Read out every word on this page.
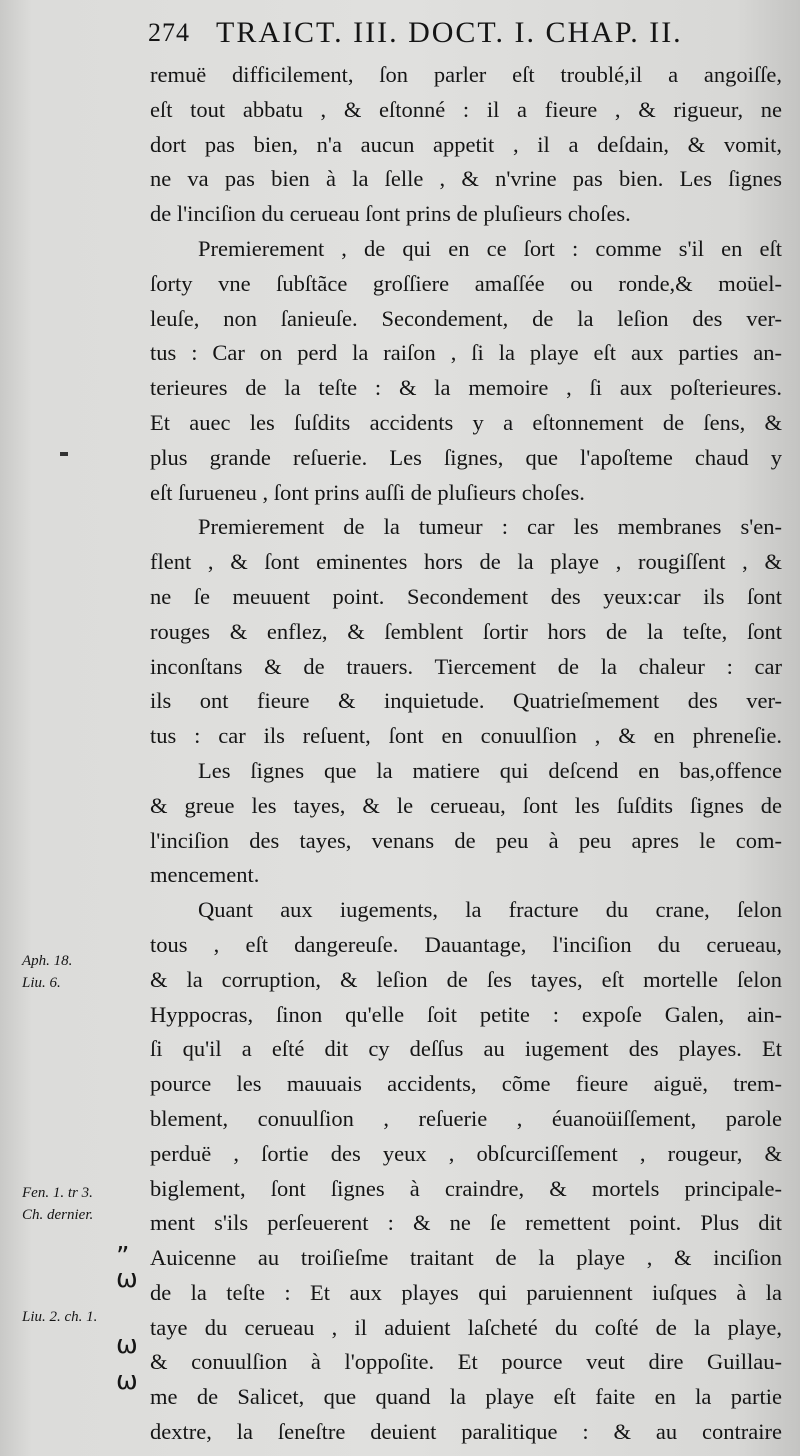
274 TRAICT. III. DOCT. I. CHAP. II.
remuë difficilement, ſon parler eſt troublé,il a angoiſſe,
eſt tout abbatu , & eſtonné : il a fieure , & rigueur, ne
dort pas bien, n'a aucun appetit , il a deſdain, & vomit,
ne va pas bien à la ſelle , & n'vrine pas bien. Les ſignes
de l'inciſion du cerueau ſont prins de pluſieurs choſes.
Premierement , de qui en ce ſort : comme s'il en eſt
ſorty vne ſubſtãce groſſiere amaſſée ou ronde,& moüel-
leuſe, non ſanieuſe. Secondement, de la leſion des ver-
tus : Car on perd la raiſon , ſi la playe eſt aux parties an-
terieures de la teſte : & la memoire , ſi aux poſterieures.
Et auec les ſuſdits accidents y a eſtonnement de ſens, &
plus grande reſuerie. Les ſignes, que l'apoſteme chaud y
eſt ſurueneu , ſont prins auſſi de pluſieurs choſes.
Premierement de la tumeur : car les membranes s'en-
flent , & ſont eminentes hors de la playe , rougiſſent , &
ne ſe meuuent point. Secondement des yeux:car ils ſont
rouges & enflez, & ſemblent ſortir hors de la teſte, ſont
inconſtans & de trauers. Tiercement de la chaleur : car
ils ont fieure & inquietude. Quatrieſmement des ver-
tus : car ils reſuent, ſont en conuulſion , & en phreneſie.
Les ſignes que la matiere qui deſcend en bas,offence
& greue les tayes, & le cerueau, ſont les ſuſdits ſignes de
l'inciſion des tayes, venans de peu à peu apres le com-
mencement.
Quant aux iugements, la fracture du crane, ſelon
tous , eſt dangereuſe. Dauantage, l'inciſion du cerueau,
& la corruption, & leſion de ſes tayes, eſt mortelle ſelon
Hyppocras, ſinon qu'elle ſoit petite : expoſe Galen, ain-
ſi qu'il a eſté dit cy deſſus au iugement des playes. Et
pource les mauuais accidents, cõme fieure aiguë, trem-
blement, conuulſion , reſuerie , éuanoüiſſement, parole
perduë , ſortie des yeux , obſcurciſſement , rougeur, &
biglement, ſont ſignes à craindre, & mortels principale-
ment s'ils perſeuerent : & ne ſe remettent point. Plus dit
Auicenne au troiſieſme traitant de la playe , & inciſion
de la teſte : Et aux playes qui paruiennent iuſques à la
taye du cerueau , il aduient laſcheté du coſté de la playe,
& conuulſion à l'oppoſite. Et pource veut dire Guillau-
me de Salicet, que quand la playe eſt faite en la partie
dextre, la ſeneſtre deuient paralitique : & au contraire
Aph. 18.
Liu. 6.
Fen. 1. tr 3.
Ch. dernier.
Liu. 2. ch. 1.
”
ω
ω
ω
